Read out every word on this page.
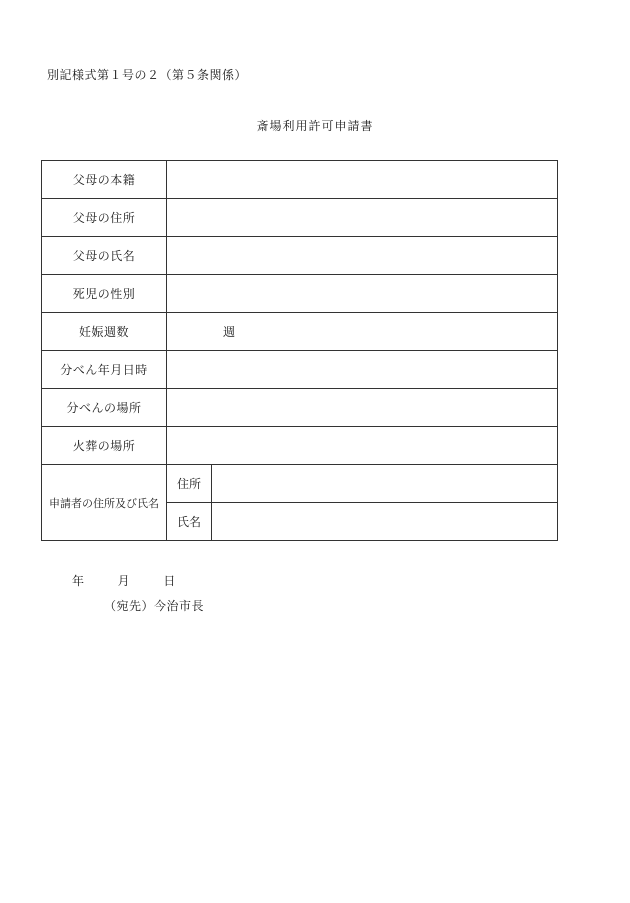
別記様式第１号の２（第５条関係）
斎場利用許可申請書
父母の本籍		
父母の住所		
父母の氏名		
死児の性別		
妊娠週数	週	
分べん年月日時		
分べんの場所		
火葬の場所		
申請者の住所及び氏名	住所	
	氏名	
年	月	日
（宛先）今治市長
